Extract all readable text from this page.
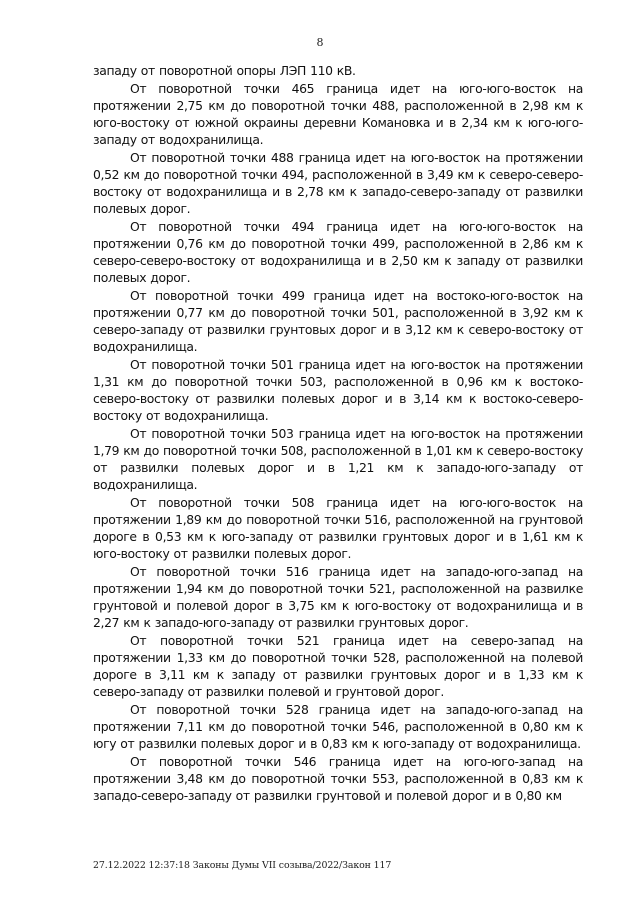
8

западу от поворотной опоры ЛЭП 110 кВ.

От поворотной точки 465 граница идет на юго-юго-восток на протяжении 2,75 км до поворотной точки 488, расположенной в 2,98 км к юго-востоку от южной окраины деревни Комановка и в 2,34 км к юго-юго-западу от водохранилища.

От поворотной точки 488 граница идет на юго-восток на протяжении 0,52 км до поворотной точки 494, расположенной в 3,49 км к северо-северо-востоку от водохранилища и в 2,78 км к западо-северо-западу от развилки полевых дорог.

От поворотной точки 494 граница идет на юго-юго-восток на протяжении 0,76 км до поворотной точки 499, расположенной в 2,86 км к северо-северо-востоку от водохранилища и в 2,50 км к западу от развилки полевых дорог.

От поворотной точки 499 граница идет на востоко-юго-восток на протяжении 0,77 км до поворотной точки 501, расположенной в 3,92 км к северо-западу от развилки грунтовых дорог и в 3,12 км к северо-востоку от водохранилища.

От поворотной точки 501 граница идет на юго-восток на протяжении 1,31 км до поворотной точки 503, расположенной в 0,96 км к востоко-северо-востоку от развилки полевых дорог и в 3,14 км к востоко-северо-востоку от водохранилища.

От поворотной точки 503 граница идет на юго-восток на протяжении 1,79 км до поворотной точки 508, расположенной в 1,01 км к северо-востоку от развилки полевых дорог и в 1,21 км к западо-юго-западу от водохранилища.

От поворотной точки 508 граница идет на юго-юго-восток на протяжении 1,89 км до поворотной точки 516, расположенной на грунтовой дороге в 0,53 км к юго-западу от развилки грунтовых дорог и в 1,61 км к юго-востоку от развилки полевых дорог.

От поворотной точки 516 граница идет на западо-юго-запад на протяжении 1,94 км до поворотной точки 521, расположенной на развилке грунтовой и полевой дорог в 3,75 км к юго-востоку от водохранилища и в 2,27 км к западо-юго-западу от развилки грунтовых дорог.

От поворотной точки 521 граница идет на северо-запад на протяжении 1,33 км до поворотной точки 528, расположенной на полевой дороге в 3,11 км к западу от развилки грунтовых дорог и в 1,33 км к северо-западу от развилки полевой и грунтовой дорог.

От поворотной точки 528 граница идет на западо-юго-запад на протяжении 7,11 км до поворотной точки 546, расположенной в 0,80 км к югу от развилки полевых дорог и в 0,83 км к юго-западу от водохранилища.

От поворотной точки 546 граница идет на юго-юго-запад на протяжении 3,48 км до поворотной точки 553, расположенной в 0,83 км к западо-северо-западу от развилки грунтовой и полевой дорог и в 0,80 км

27.12.2022 12:37:18 Законы Думы VII созыва/2022/Закон 117
